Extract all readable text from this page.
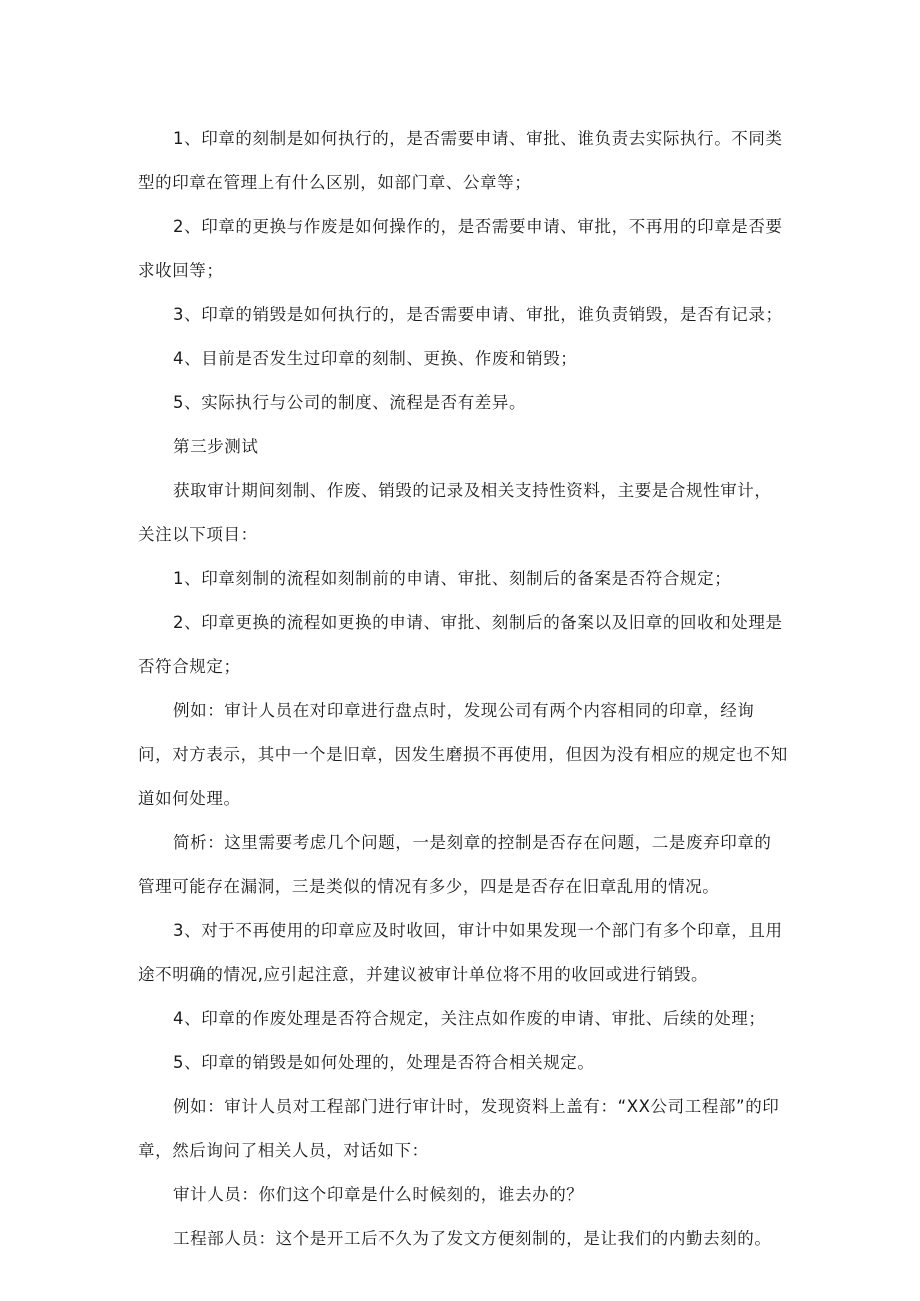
1、印章的刻制是如何执行的，是否需要申请、审批、谁负责去实际执行。不同类型的印章在管理上有什么区别，如部门章、公章等；

2、印章的更换与作废是如何操作的，是否需要申请、审批，不再用的印章是否要求收回等；

3、印章的销毁是如何执行的，是否需要申请、审批，谁负责销毁，是否有记录；

4、目前是否发生过印章的刻制、更换、作废和销毁；

5、实际执行与公司的制度、流程是否有差异。

第三步测试

获取审计期间刻制、作废、销毁的记录及相关支持性资料，主要是合规性审计，关注以下项目：

1、印章刻制的流程如刻制前的申请、审批、刻制后的备案是否符合规定；

2、印章更换的流程如更换的申请、审批、刻制后的备案以及旧章的回收和处理是否符合规定；

例如：审计人员在对印章进行盘点时，发现公司有两个内容相同的印章，经询问，对方表示，其中一个是旧章，因发生磨损不再使用，但因为没有相应的规定也不知道如何处理。

简析：这里需要考虑几个问题，一是刻章的控制是否存在问题，二是废弃印章的管理可能存在漏洞，三是类似的情况有多少，四是是否存在旧章乱用的情况。

3、对于不再使用的印章应及时收回，审计中如果发现一个部门有多个印章，且用途不明确的情况,应引起注意，并建议被审计单位将不用的收回或进行销毁。

4、印章的作废处理是否符合规定，关注点如作废的申请、审批、后续的处理；

5、印章的销毁是如何处理的，处理是否符合相关规定。

例如：审计人员对工程部门进行审计时，发现资料上盖有：“XX公司工程部”的印章，然后询问了相关人员，对话如下：

审计人员：你们这个印章是什么时候刻的，谁去办的？

工程部人员：这个是开工后不久为了发文方便刻制的，是让我们的内勤去刻的。
